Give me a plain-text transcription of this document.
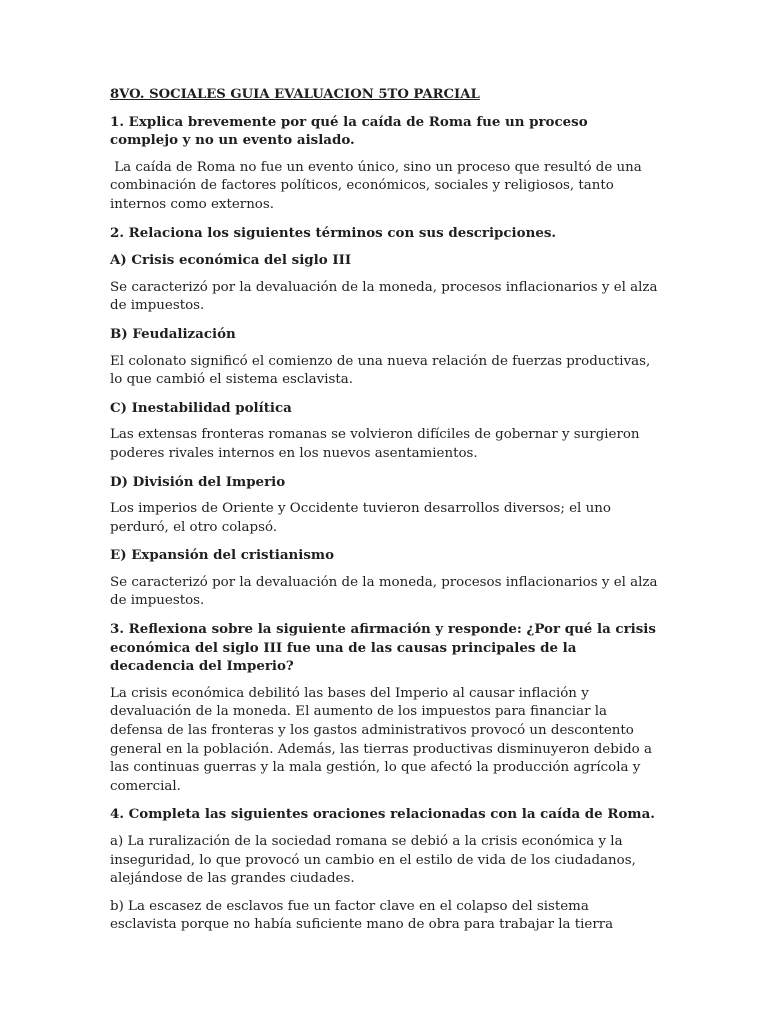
8VO. SOCIALES GUIA EVALUACION 5TO PARCIAL

1. Explica brevemente por qué la caída de Roma fue un proceso complejo y no un evento aislado.

La caída de Roma no fue un evento único, sino un proceso que resultó de una combinación de factores políticos, económicos, sociales y religiosos, tanto internos como externos.

2. Relaciona los siguientes términos con sus descripciones.

A) Crisis económica del siglo III

Se caracterizó por la devaluación de la moneda, procesos inflacionarios y el alza de impuestos.

B) Feudalización

El colonato significó el comienzo de una nueva relación de fuerzas productivas, lo que cambió el sistema esclavista.

C) Inestabilidad política

Las extensas fronteras romanas se volvieron difíciles de gobernar y surgieron poderes rivales internos en los nuevos asentamientos.

D) División del Imperio

Los imperios de Oriente y Occidente tuvieron desarrollos diversos; el uno perduró, el otro colapsó.

E) Expansión del cristianismo

Se caracterizó por la devaluación de la moneda, procesos inflacionarios y el alza de impuestos.

3. Reflexiona sobre la siguiente afirmación y responde: ¿Por qué la crisis económica del siglo III fue una de las causas principales de la decadencia del Imperio?

La crisis económica debilitó las bases del Imperio al causar inflación y devaluación de la moneda. El aumento de los impuestos para financiar la defensa de las fronteras y los gastos administrativos provocó un descontento general en la población. Además, las tierras productivas disminuyeron debido a las continuas guerras y la mala gestión, lo que afectó la producción agrícola y comercial.

4. Completa las siguientes oraciones relacionadas con la caída de Roma.

a) La ruralización de la sociedad romana se debió a la crisis económica y la inseguridad, lo que provocó un cambio en el estilo de vida de los ciudadanos, alejándose de las grandes ciudades.

b) La escasez de esclavos fue un factor clave en el colapso del sistema esclavista porque no había suficiente mano de obra para trabajar la tierra
